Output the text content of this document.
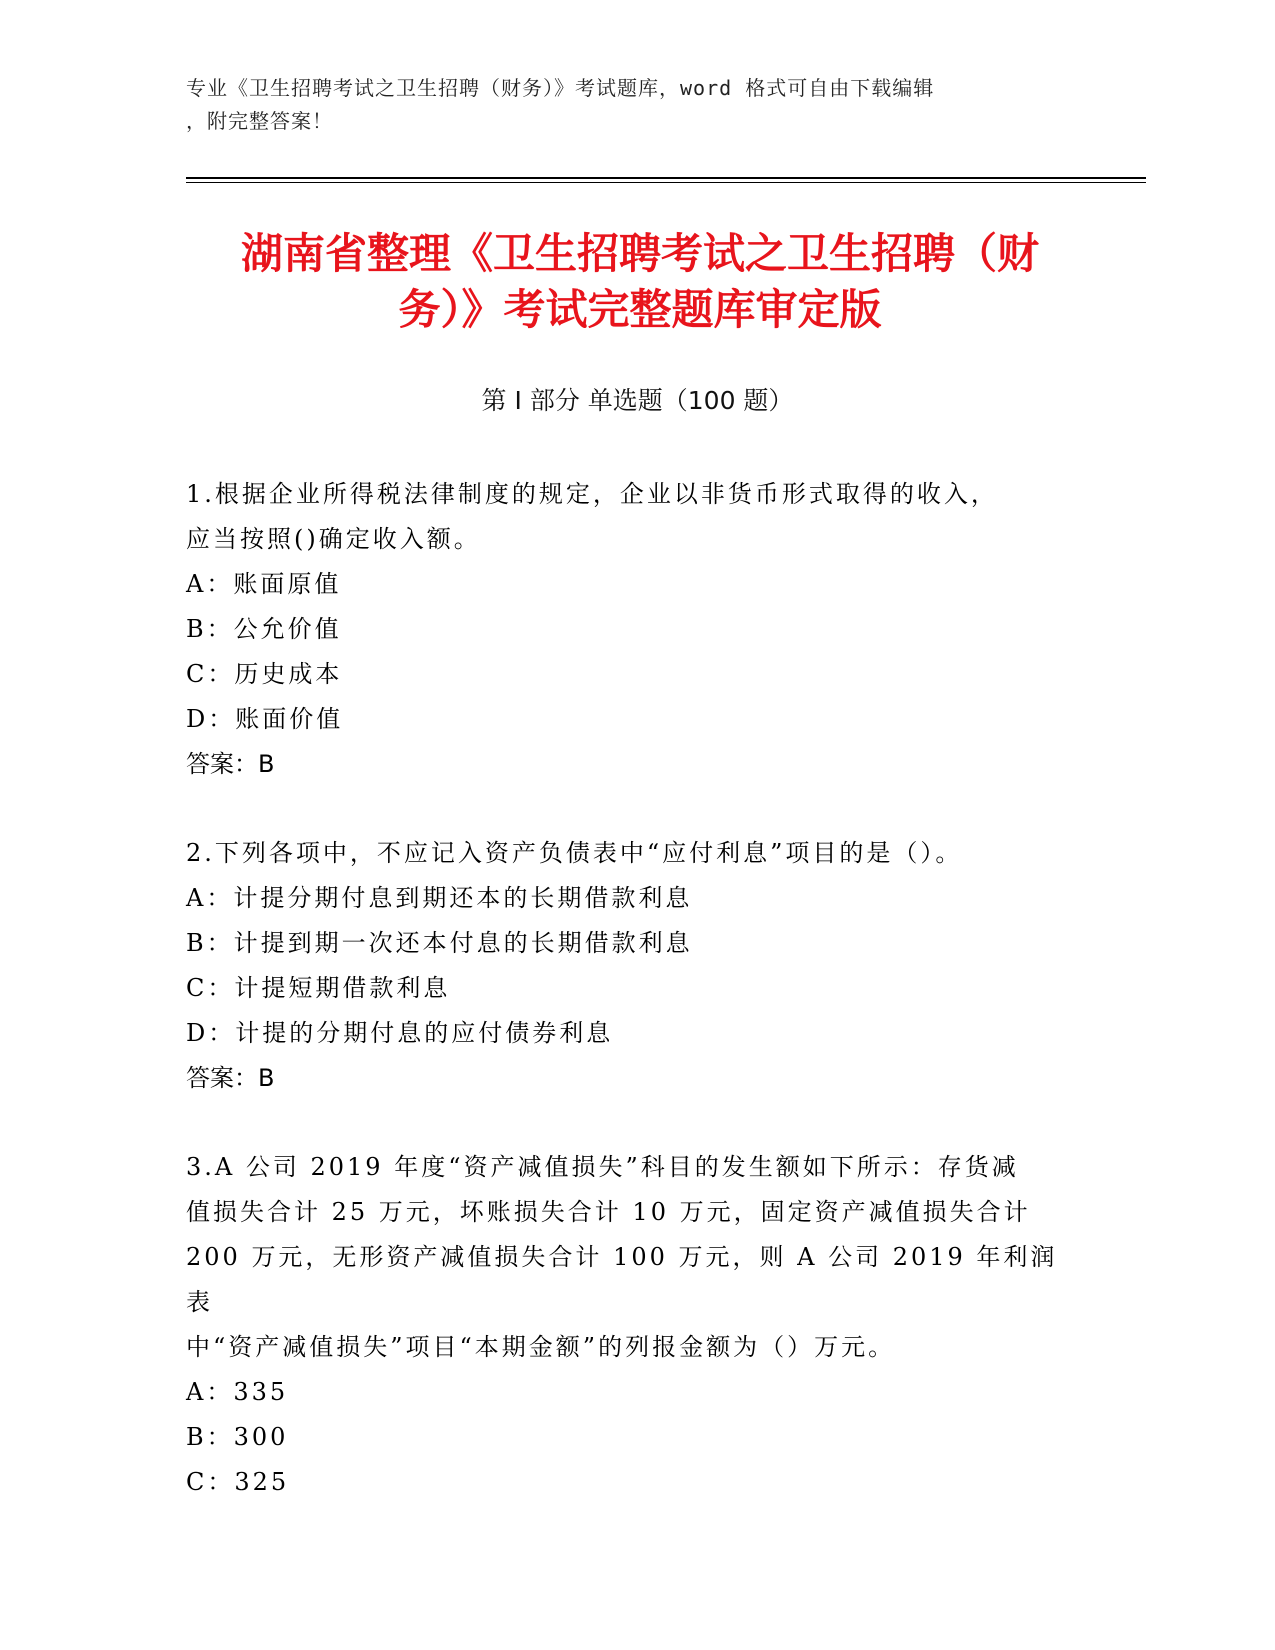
专业《卫生招聘考试之卫生招聘（财务）》考试题库，word 格式可自由下载编辑
，附完整答案！
湖南省整理《卫生招聘考试之卫生招聘（财
务）》考试完整题库审定版
第 I 部分 单选题（100 题）

1.根据企业所得税法律制度的规定，企业以非货币形式取得的收入，

应当按照()确定收入额。

A：账面原值

B：公允价值

C：历史成本

D：账面价值

答案：B

2.下列各项中，不应记入资产负债表中“应付利息”项目的是（）。

A：计提分期付息到期还本的长期借款利息

B：计提到期一次还本付息的长期借款利息

C：计提短期借款利息

D：计提的分期付息的应付债券利息

答案：B

3.A 公司 2019 年度“资产减值损失”科目的发生额如下所示：存货减

值损失合计 25 万元，坏账损失合计 10 万元，固定资产减值损失合计

200 万元，无形资产减值损失合计 100 万元，则 A 公司 2019 年利润表

中“资产减值损失”项目“本期金额”的列报金额为（）万元。

A：335

B：300

C：325
